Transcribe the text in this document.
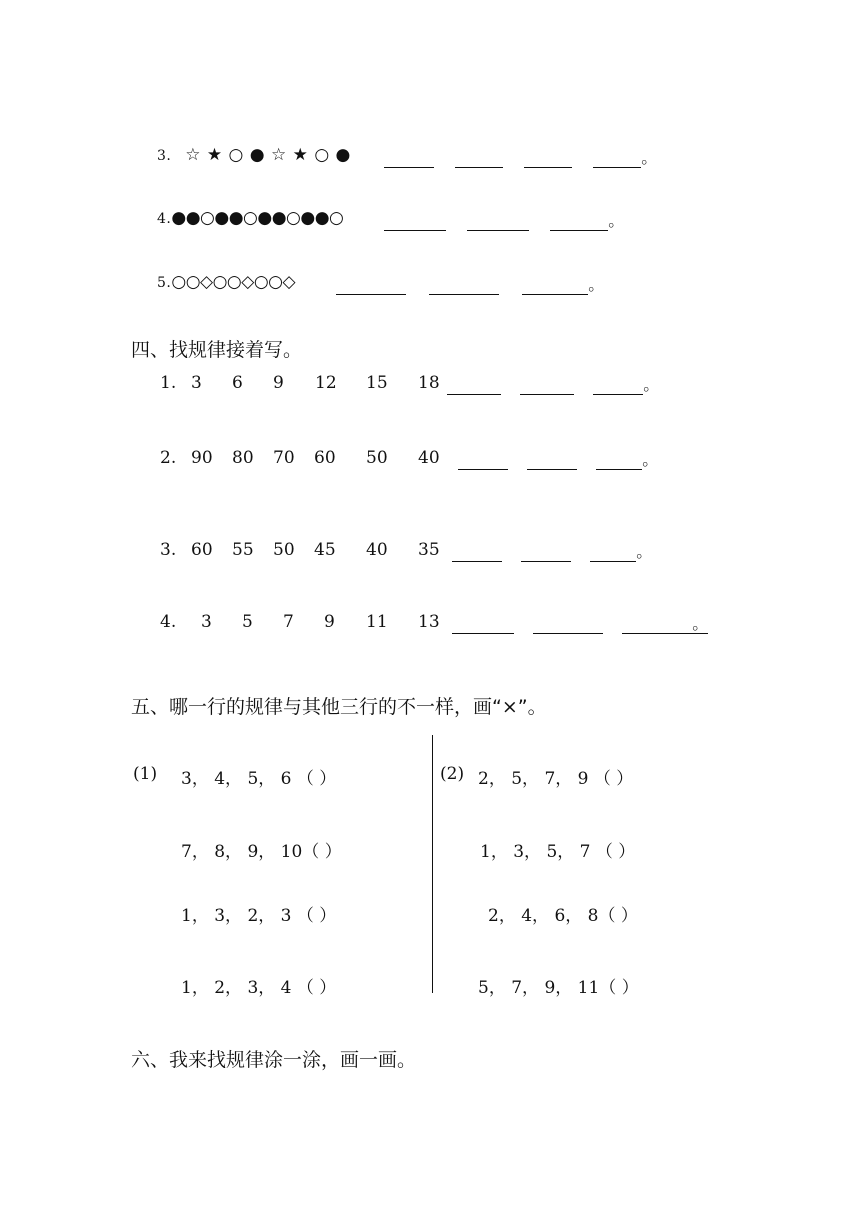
3. ☆ ★ ○ ● ☆ ★ ○ ●	。
4.●●○●●○●●○●●○	。
5.○○◇○○◇○○◇	。
四、找规律接着写。
1. 3 6 9 12 15 18	。
2. 90 80 70 60 50 40	。
3. 60 55 50 45 40 35	。
4. 3 5 7 9 11 13	。
五、哪一行的规律与其他三行的不一样，画“×”。
(1) 3， 4， 5， 6 （ ）
7， 8， 9， 10（ ）
1， 3， 2， 3 （ ）
1， 2， 3， 4 （ ）
(2) 2， 5， 7， 9 （ ）
1， 3， 5， 7 （ ）
2， 4， 6， 8（ ）
5， 7， 9， 11（ ）
六、我来找规律涂一涂，画一画。
